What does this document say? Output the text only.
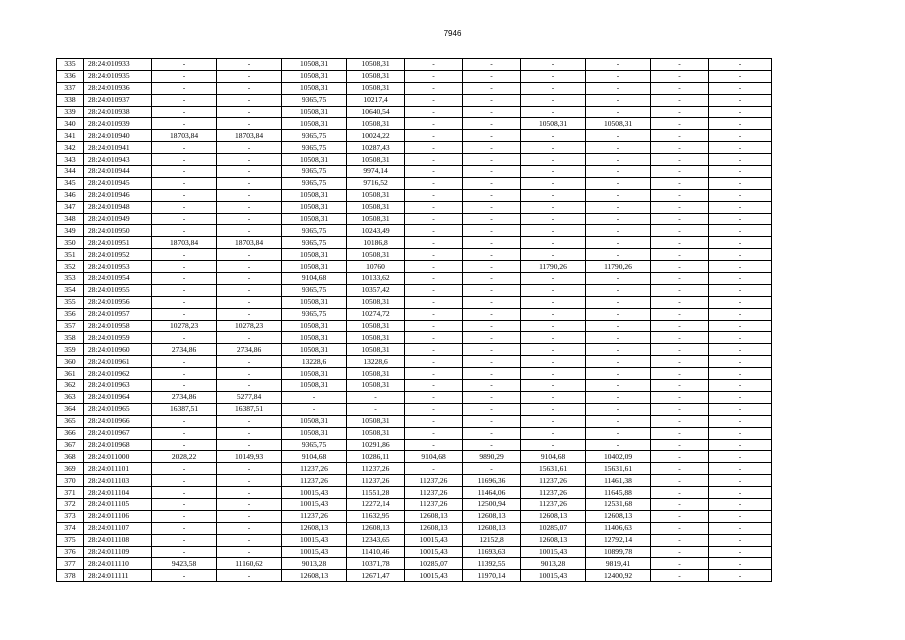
7946
335	28:24:010933	-	-	10508,31	10508,31	-	-	-	-	-	-
336	28:24:010935	-	-	10508,31	10508,31	-	-	-	-	-	-
337	28:24:010936	-	-	10508,31	10508,31	-	-	-	-	-	-
338	28:24:010937	-	-	9365,75	10217,4	-	-	-	-	-	-
339	28:24:010938	-	-	10508,31	10640,54	-	-	-	-	-	-
340	28:24:010939	-	-	10508,31	10508,31	-	-	10508,31	10508,31	-	-
341	28:24:010940	18703,84	18703,84	9365,75	10024,22	-	-	-	-	-	-
342	28:24:010941	-	-	9365,75	10287,43	-	-	-	-	-	-
343	28:24:010943	-	-	10508,31	10508,31	-	-	-	-	-	-
344	28:24:010944	-	-	9365,75	9974,14	-	-	-	-	-	-
345	28:24:010945	-	-	9365,75	9716,52	-	-	-	-	-	-
346	28:24:010946	-	-	10508,31	10508,31	-	-	-	-	-	-
347	28:24:010948	-	-	10508,31	10508,31	-	-	-	-	-	-
348	28:24:010949	-	-	10508,31	10508,31	-	-	-	-	-	-
349	28:24:010950	-	-	9365,75	10243,49	-	-	-	-	-	-
350	28:24:010951	18703,84	18703,84	9365,75	10186,8	-	-	-	-	-	-
351	28:24:010952	-	-	10508,31	10508,31	-	-	-	-	-	-
352	28:24:010953	-	-	10508,31	10760	-	-	11790,26	11790,26	-	-
353	28:24:010954	-	-	9104,68	10133,62	-	-	-	-	-	-
354	28:24:010955	-	-	9365,75	10357,42	-	-	-	-	-	-
355	28:24:010956	-	-	10508,31	10508,31	-	-	-	-	-	-
356	28:24:010957	-	-	9365,75	10274,72	-	-	-	-	-	-
357	28:24:010958	10278,23	10278,23	10508,31	10508,31	-	-	-	-	-	-
358	28:24:010959	-	-	10508,31	10508,31	-	-	-	-	-	-
359	28:24:010960	2734,86	2734,86	10508,31	10508,31	-	-	-	-	-	-
360	28:24:010961	-	-	13228,6	13228,6	-	-	-	-	-	-
361	28:24:010962	-	-	10508,31	10508,31	-	-	-	-	-	-
362	28:24:010963	-	-	10508,31	10508,31	-	-	-	-	-	-
363	28:24:010964	2734,86	5277,84	-	-	-	-	-	-	-	-
364	28:24:010965	16387,51	16387,51	-	-	-	-	-	-	-	-
365	28:24:010966	-	-	10508,31	10508,31	-	-	-	-	-	-
366	28:24:010967	-	-	10508,31	10508,31	-	-	-	-	-	-
367	28:24:010968	-	-	9365,75	10291,86	-	-	-	-	-	-
368	28:24:011000	2028,22	10149,93	9104,68	10286,11	9104,68	9890,29	9104,68	10402,09	-	-
369	28:24:011101	-	-	11237,26	11237,26	-	-	15631,61	15631,61	-	-
370	28:24:011103	-	-	11237,26	11237,26	11237,26	11696,36	11237,26	11461,38	-	-
371	28:24:011104	-	-	10015,43	11551,28	11237,26	11464,06	11237,26	11645,88	-	-
372	28:24:011105	-	-	10015,43	12272,14	11237,26	12500,94	11237,26	12531,68	-	-
373	28:24:011106	-	-	11237,26	11632,95	12608,13	12608,13	12608,13	12608,13	-	-
374	28:24:011107	-	-	12608,13	12608,13	12608,13	12608,13	10285,07	11406,63	-	-
375	28:24:011108	-	-	10015,43	12343,65	10015,43	12152,8	12608,13	12792,14	-	-
376	28:24:011109	-	-	10015,43	11410,46	10015,43	11693,63	10015,43	10899,78	-	-
377	28:24:011110	9423,58	11160,62	9013,28	10371,78	10285,07	11392,55	9013,28	9819,41	-	-
378	28:24:011111	-	-	12608,13	12671,47	10015,43	11970,14	10015,43	12400,92	-	-
